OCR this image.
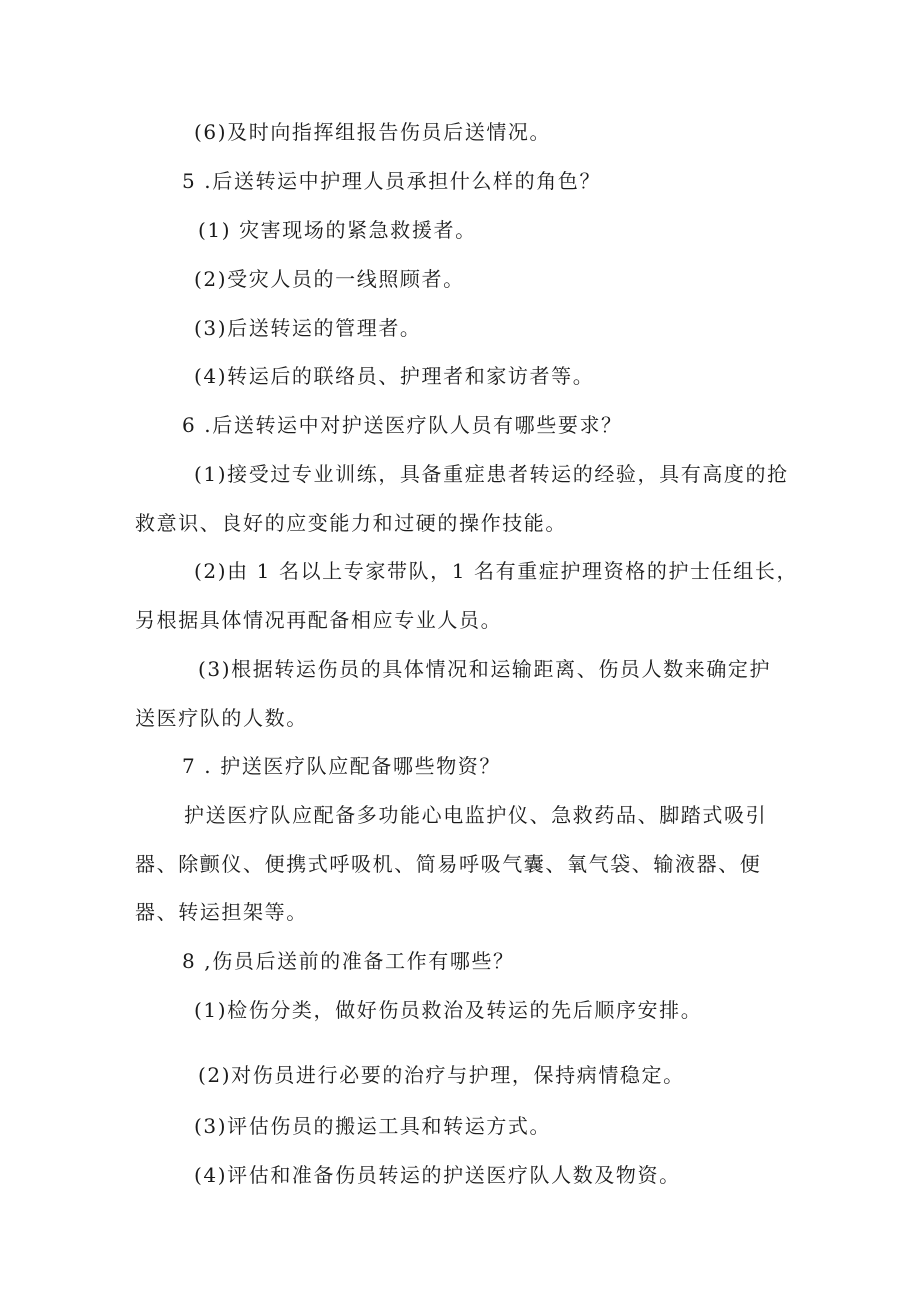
(6)及时向指挥组报告伤员后送情况。

5 .后送转运中护理人员承担什么样的角色？

(1) 灾害现场的紧急救援者。

(2)受灾人员的一线照顾者。

(3)后送转运的管理者。

(4)转运后的联络员、护理者和家访者等。

6 .后送转运中对护送医疗队人员有哪些要求？

(1)接受过专业训练，具备重症患者转运的经验，具有高度的抢

救意识、良好的应变能力和过硬的操作技能。

(2)由 1 名以上专家带队，1 名有重症护理资格的护士任组长，

另根据具体情况再配备相应专业人员。

(3)根据转运伤员的具体情况和运输距离、伤员人数来确定护

送医疗队的人数。

7 . 护送医疗队应配备哪些物资？

护送医疗队应配备多功能心电监护仪、急救药品、脚踏式吸引

器、除颤仪、便携式呼吸机、简易呼吸气囊、氧气袋、输液器、便

器、转运担架等。

8 ,伤员后送前的准备工作有哪些？

(1)检伤分类，做好伤员救治及转运的先后顺序安排。

(2)对伤员进行必要的治疗与护理，保持病情稳定。

(3)评估伤员的搬运工具和转运方式。

(4)评估和准备伤员转运的护送医疗队人数及物资。
